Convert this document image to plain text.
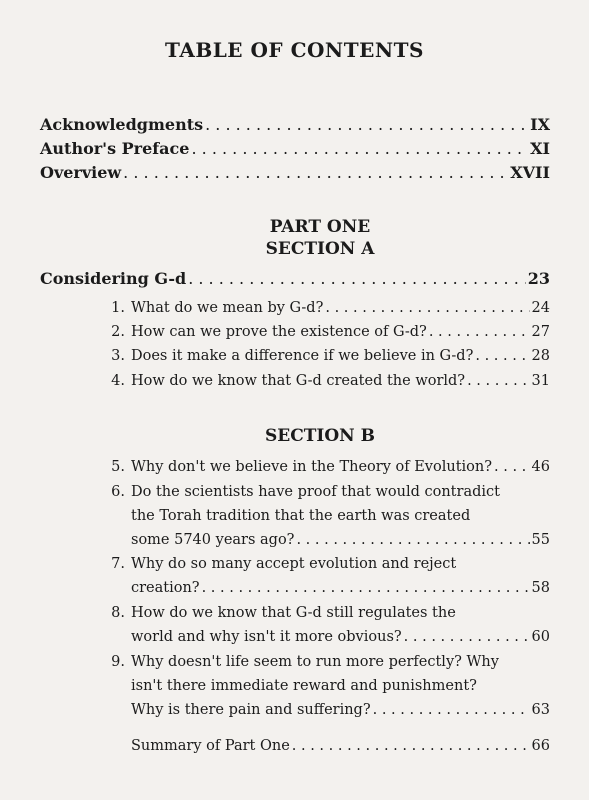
TABLE OF CONTENTS
Acknowledgments . . .	IX
Author's Preface . . .	XI
Overview . . .	XVII
PART ONE
SECTION A
Considering G-d . . .	23
1. What do we mean by G-d? . . .	24
2. How can we prove the existence of G-d? . . .	27
3. Does it make a difference if we believe in G-d? . . .	28
4. How do we know that G-d created the world? . . .	31
SECTION B
5. Why don't we believe in the Theory of Evolution? . . .	46
6. Do the scientists have proof that would contradict
the Torah tradition that the earth was created
some 5740 years ago? . . .	55
7. Why do so many accept evolution and reject
creation? . . .	58
8. How do we know that G-d still regulates the
world and why isn't it more obvious? . . .	60
9. Why doesn't life seem to run more perfectly? Why
isn't there immediate reward and punishment?
Why is there pain and suffering? . . .	63
Summary of Part One . . .	66
